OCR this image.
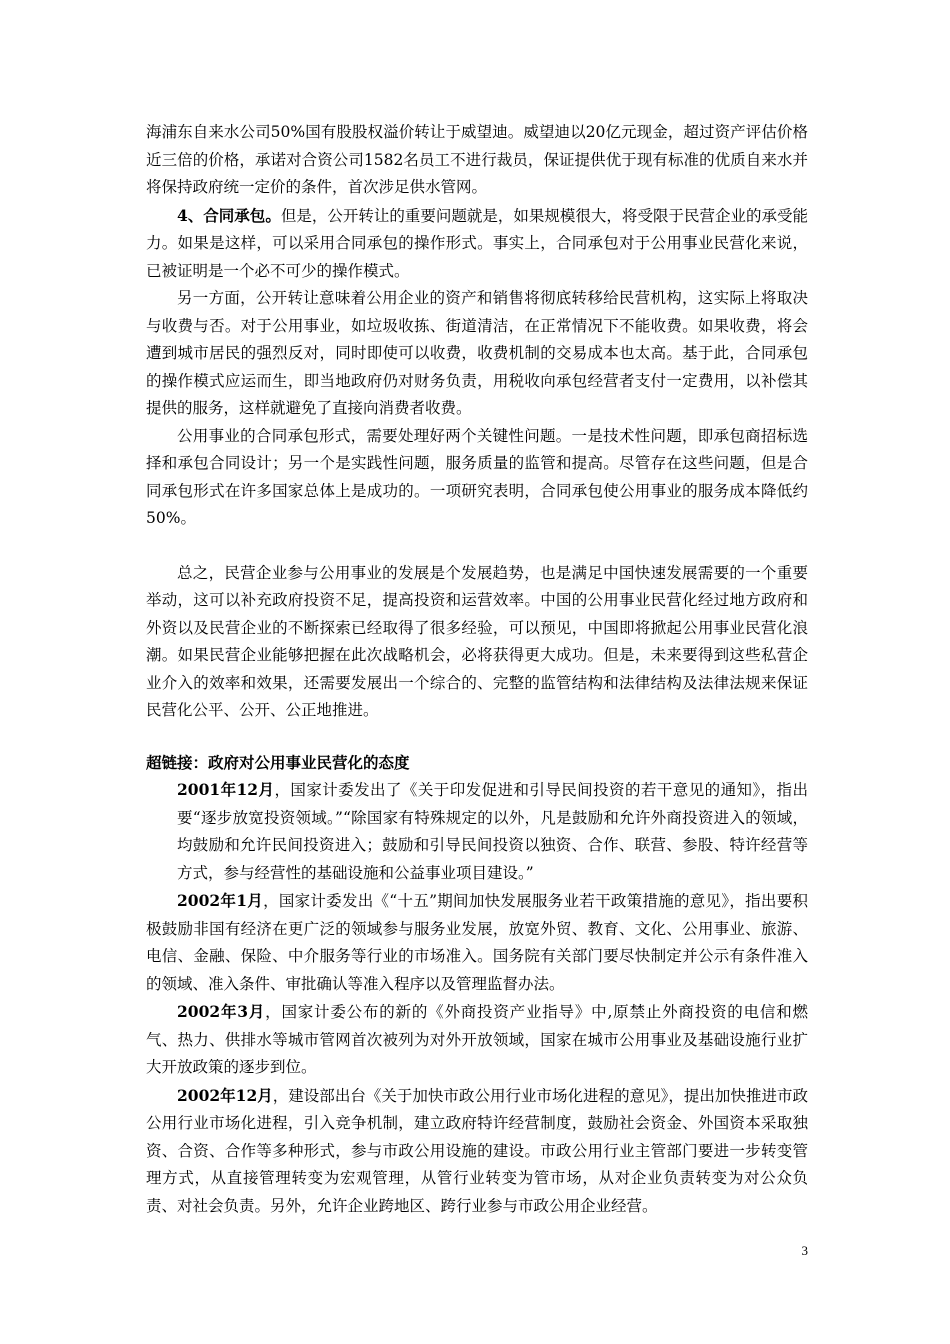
海浦东自来水公司50%国有股股权溢价转让于威望迪。威望迪以20亿元现金，超过资产评估价格近三倍的价格，承诺对合资公司1582名员工不进行裁员，保证提供优于现有标准的优质自来水并将保持政府统一定价的条件，首次涉足供水管网。

4、合同承包。但是，公开转让的重要问题就是，如果规模很大，将受限于民营企业的承受能力。如果是这样，可以采用合同承包的操作形式。事实上，合同承包对于公用事业民营化来说，已被证明是一个必不可少的操作模式。

另一方面，公开转让意味着公用企业的资产和销售将彻底转移给民营机构，这实际上将取决与收费与否。对于公用事业，如垃圾收拣、街道清洁，在正常情况下不能收费。如果收费，将会遭到城市居民的强烈反对，同时即使可以收费，收费机制的交易成本也太高。基于此，合同承包的操作模式应运而生，即当地政府仍对财务负责，用税收向承包经营者支付一定费用，以补偿其提供的服务，这样就避免了直接向消费者收费。

公用事业的合同承包形式，需要处理好两个关键性问题。一是技术性问题，即承包商招标选择和承包合同设计；另一个是实践性问题，服务质量的监管和提高。尽管存在这些问题，但是合同承包形式在许多国家总体上是成功的。一项研究表明，合同承包使公用事业的服务成本降低约50%。

总之，民营企业参与公用事业的发展是个发展趋势，也是满足中国快速发展需要的一个重要举动，这可以补充政府投资不足，提高投资和运营效率。中国的公用事业民营化经过地方政府和外资以及民营企业的不断探索已经取得了很多经验，可以预见，中国即将掀起公用事业民营化浪潮。如果民营企业能够把握在此次战略机会，必将获得更大成功。但是，未来要得到这些私营企业介入的效率和效果，还需要发展出一个综合的、完整的监管结构和法律结构及法律法规来保证民营化公平、公开、公正地推进。

超链接：政府对公用事业民营化的态度

2001年12月，国家计委发出了《关于印发促进和引导民间投资的若干意见的通知》，指出要“逐步放宽投资领域。”“除国家有特殊规定的以外，凡是鼓励和允许外商投资进入的领域，均鼓励和允许民间投资进入；鼓励和引导民间投资以独资、合作、联营、参股、特许经营等方式，参与经营性的基础设施和公益事业项目建设。”

2002年1月，国家计委发出《“十五”期间加快发展服务业若干政策措施的意见》，指出要积极鼓励非国有经济在更广泛的领域参与服务业发展，放宽外贸、教育、文化、公用事业、旅游、电信、金融、保险、中介服务等行业的市场准入。国务院有关部门要尽快制定并公示有条件准入的领域、准入条件、审批确认等准入程序以及管理监督办法。

2002年3月，国家计委公布的新的《外商投资产业指导》中,原禁止外商投资的电信和燃气、热力、供排水等城市管网首次被列为对外开放领域，国家在城市公用事业及基础设施行业扩大开放政策的逐步到位。

2002年12月，建设部出台《关于加快市政公用行业市场化进程的意见》，提出加快推进市政公用行业市场化进程，引入竞争机制，建立政府特许经营制度，鼓励社会资金、外国资本采取独资、合资、合作等多种形式，参与市政公用设施的建设。市政公用行业主管部门要进一步转变管理方式，从直接管理转变为宏观管理，从管行业转变为管市场，从对企业负责转变为对公众负责、对社会负责。另外，允许企业跨地区、跨行业参与市政公用企业经营。

3
